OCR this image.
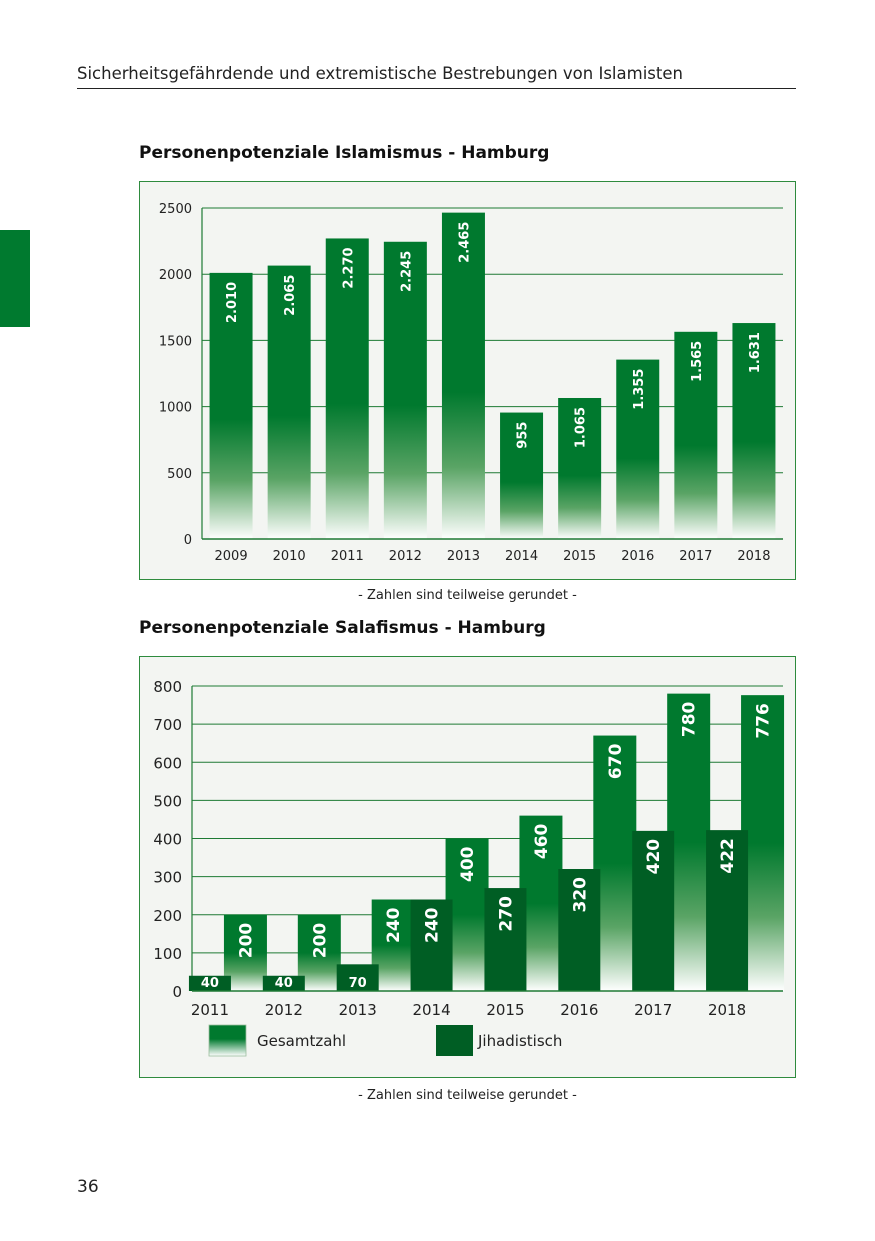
Sicherheitsgefährdende und extremistische Bestrebungen von Islamisten
Personenpotenziale Islamismus - Hamburg
0
500
1000
1500
2000
2500
2.010
2009
2.065
2010
2.270
2011
2.245
2012
2.465
2013
955
2014
1.065
2015
1.355
2016
1.565
2017
1.631
2018
- Zahlen sind teilweise gerundet -
Personenpotenziale Salafismus - Hamburg
0
100
200
300
400
500
600
700
800
200
40
2011
200
40
2012
240
70
2013
400
240
2014
460
270
2015
670
320
2016
780
420
2017
776
422
2018
Gesamtzahl	Jihadistisch
- Zahlen sind teilweise gerundet -
36
